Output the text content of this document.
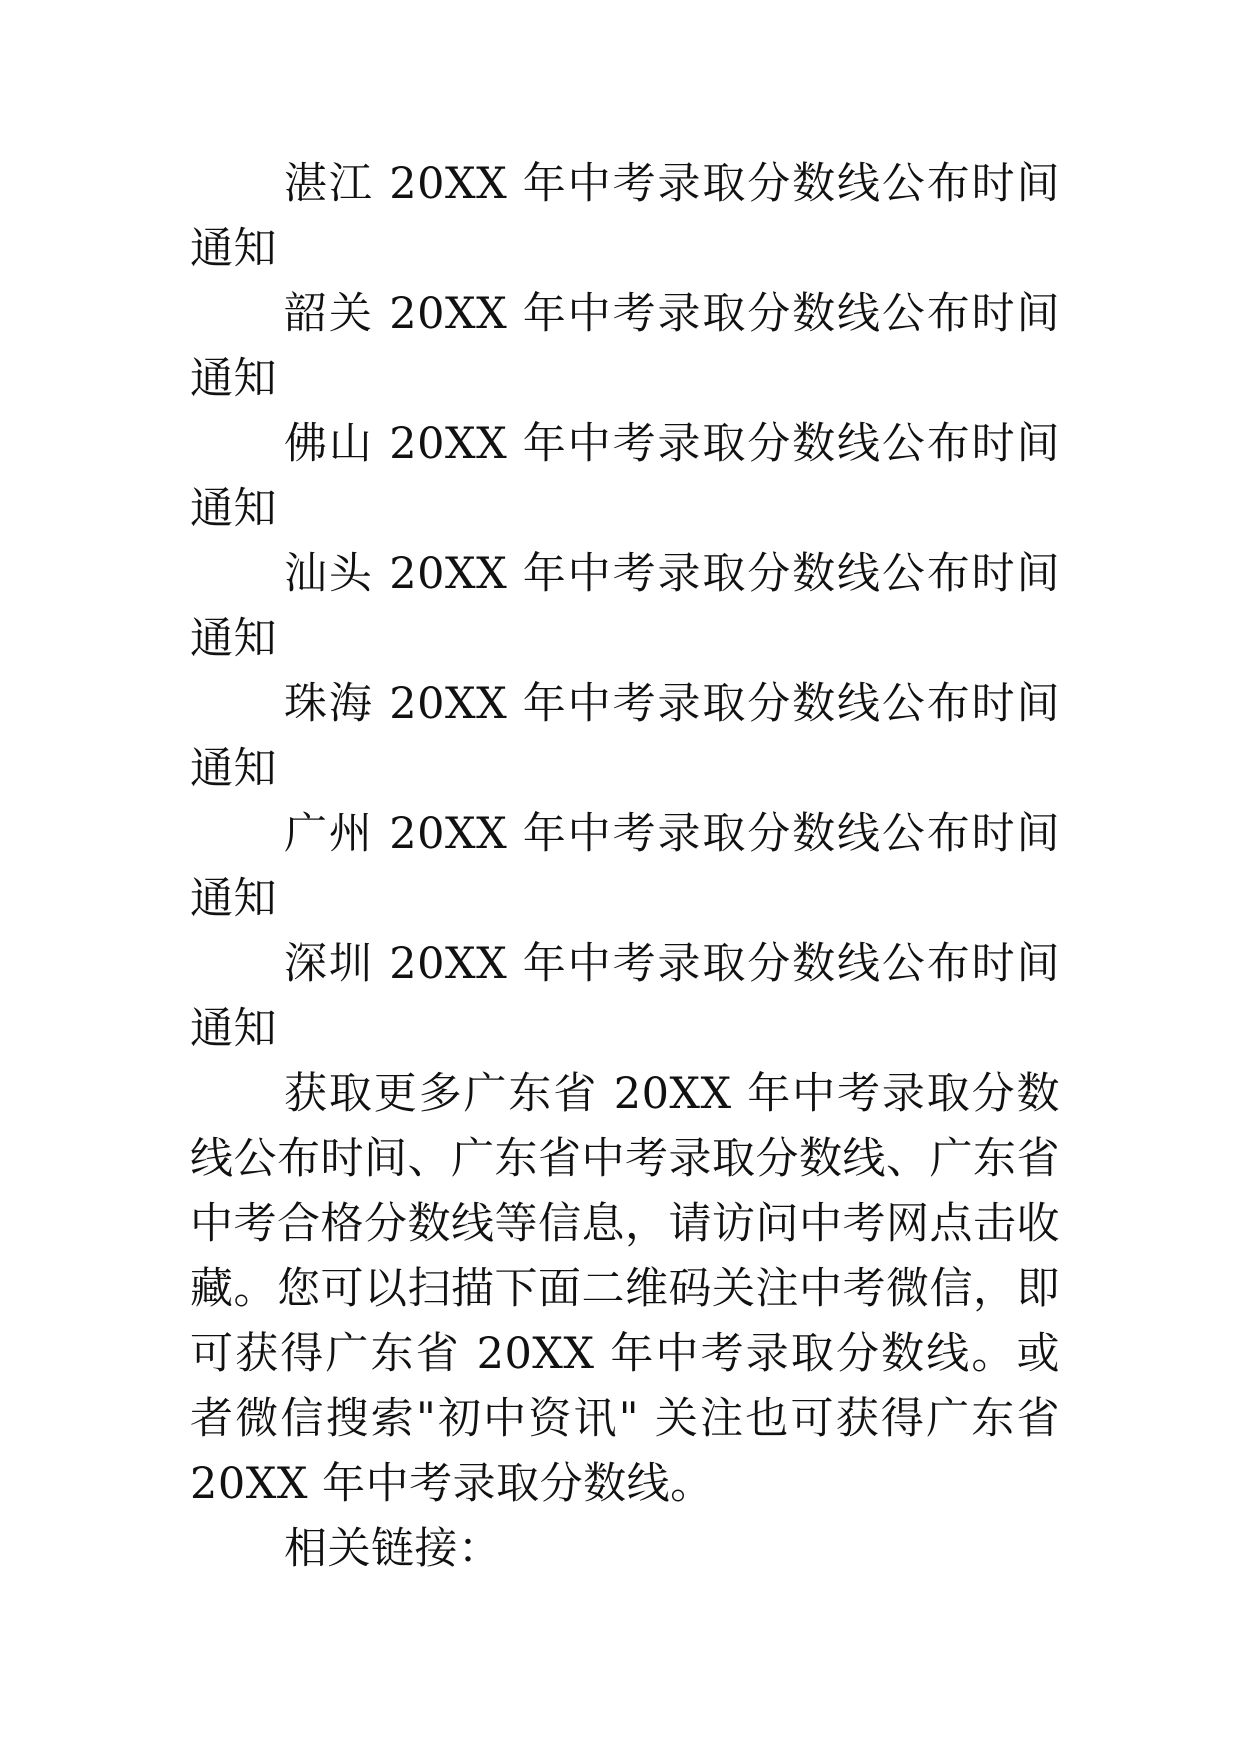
湛江 20XX 年中考录取分数线公布时间通知

韶关 20XX 年中考录取分数线公布时间通知

佛山 20XX 年中考录取分数线公布时间通知

汕头 20XX 年中考录取分数线公布时间通知

珠海 20XX 年中考录取分数线公布时间通知

广州 20XX 年中考录取分数线公布时间通知

深圳 20XX 年中考录取分数线公布时间通知

获取更多广东省 20XX 年中考录取分数线公布时间、广东省中考录取分数线、广东省中考合格分数线等信息，请访问中考网点击收藏。您可以扫描下面二维码关注中考微信，即可获得广东省 20XX 年中考录取分数线。或者微信搜索"初中资讯" 关注也可获得广东省 20XX 年中考录取分数线。

相关链接：
